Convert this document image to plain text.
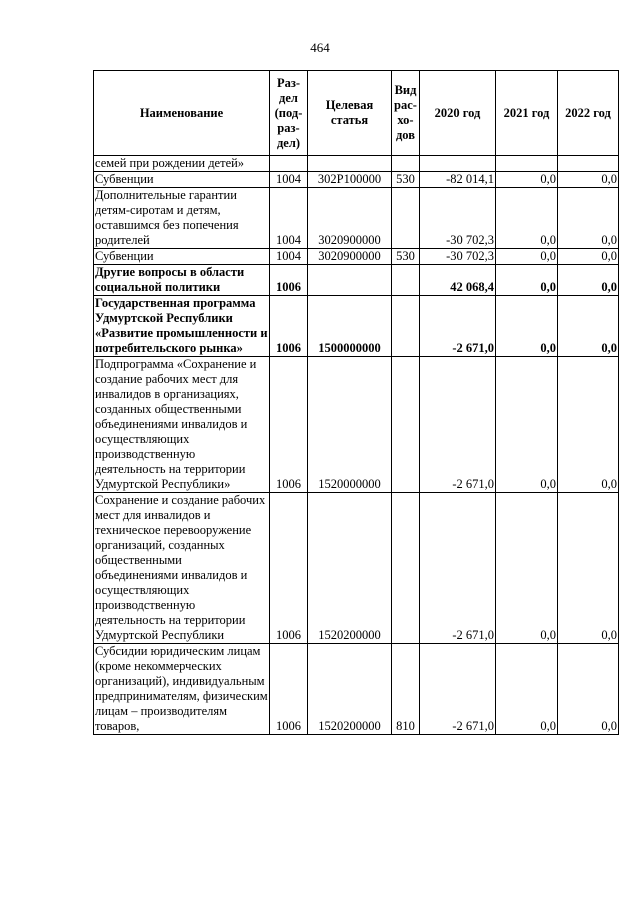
464
Наименование	Раз-
дел
(под-
раз-
дел)	Целевая
статья	Вид
рас-
хо-
дов	2020 год	2021 год	2022 год
семей при рождении детей»						
Субвенции	1004	302Р100000	530	-82 014,1	0,0	0,0
Дополнительные гарантии детям-сиротам и детям, оставшимся без попечения родителей	1004	3020900000		-30 702,3	0,0	0,0
Субвенции	1004	3020900000	530	-30 702,3	0,0	0,0
Другие вопросы в области социальной политики	1006			42 068,4	0,0	0,0
Государственная программа Удмуртской Республики «Развитие промышленности и потребительского рынка»	1006	1500000000		-2 671,0	0,0	0,0
Подпрограмма «Сохранение и создание рабочих мест для инвалидов в организациях, созданных общественными объединениями инвалидов и осуществляющих производственную деятельность на территории Удмуртской Республики»	1006	1520000000		-2 671,0	0,0	0,0
Сохранение и создание рабочих мест для инвалидов и техническое перевооружение организаций, созданных общественными объединениями инвалидов и осуществляющих производственную деятельность на территории Удмуртской Республики	1006	1520200000		-2 671,0	0,0	0,0
Субсидии юридическим лицам (кроме некоммерческих организаций), индивидуальным предпринимателям, физическим лицам – производителям товаров,	1006	1520200000	810	-2 671,0	0,0	0,0
